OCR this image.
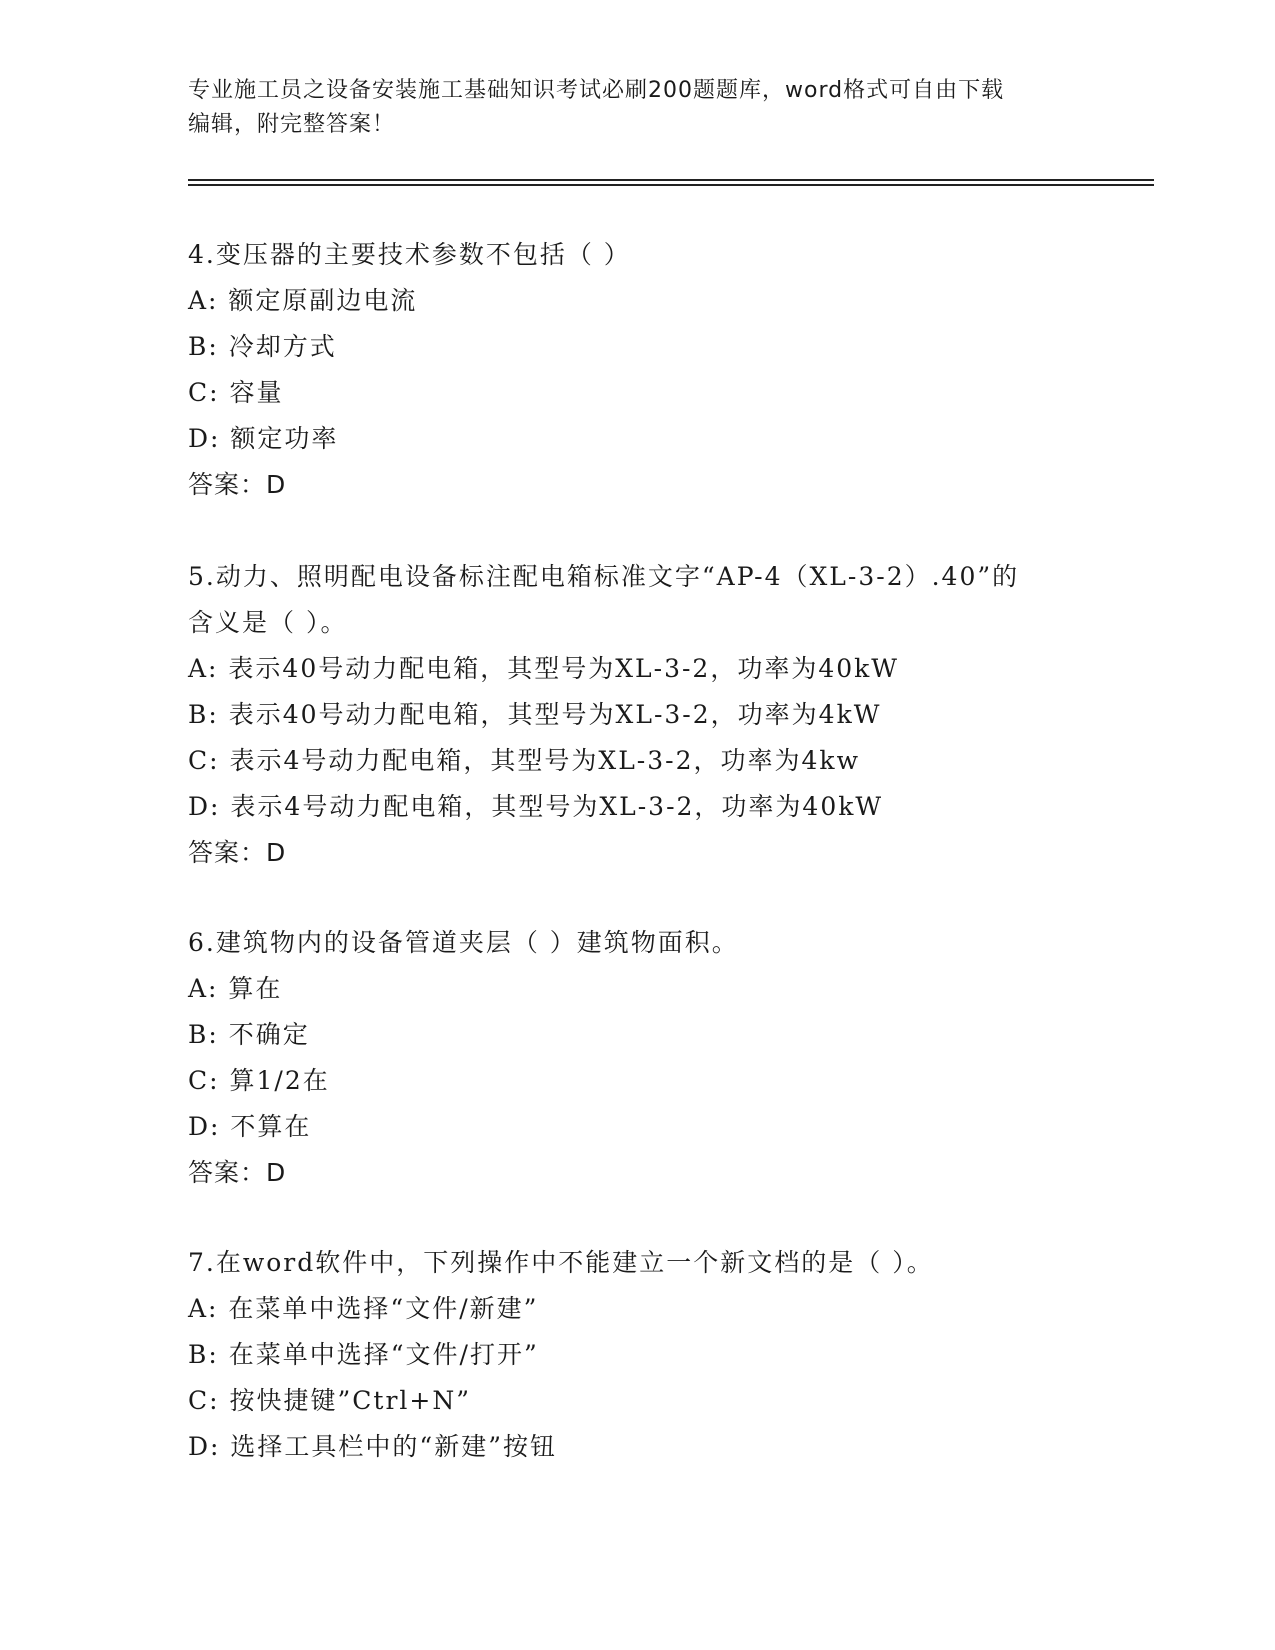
专业施工员之设备安装施工基础知识考试必刷200题题库，word格式可自由下载
编辑，附完整答案！
4.变压器的主要技术参数不包括（ ）
A: 额定原副边电流
B: 冷却方式
C: 容量
D: 额定功率
答案：D
5.动力、照明配电设备标注配电箱标准文字“AP-4（XL-3-2）.40”的
含义是（ ）。
A: 表示40号动力配电箱，其型号为XL-3-2，功率为40kW
B: 表示40号动力配电箱，其型号为XL-3-2，功率为4kW
C: 表示4号动力配电箱，其型号为XL-3-2，功率为4kw
D: 表示4号动力配电箱，其型号为XL-3-2，功率为40kW
答案：D
6.建筑物内的设备管道夹层（ ）建筑物面积。
A: 算在
B: 不确定
C: 算1/2在
D: 不算在
答案：D
7.在word软件中，下列操作中不能建立一个新文档的是（ ）。
A: 在菜单中选择“文件/新建”
B: 在菜单中选择“文件/打开”
C: 按快捷键”Ctrl+N”
D: 选择工具栏中的“新建”按钮
